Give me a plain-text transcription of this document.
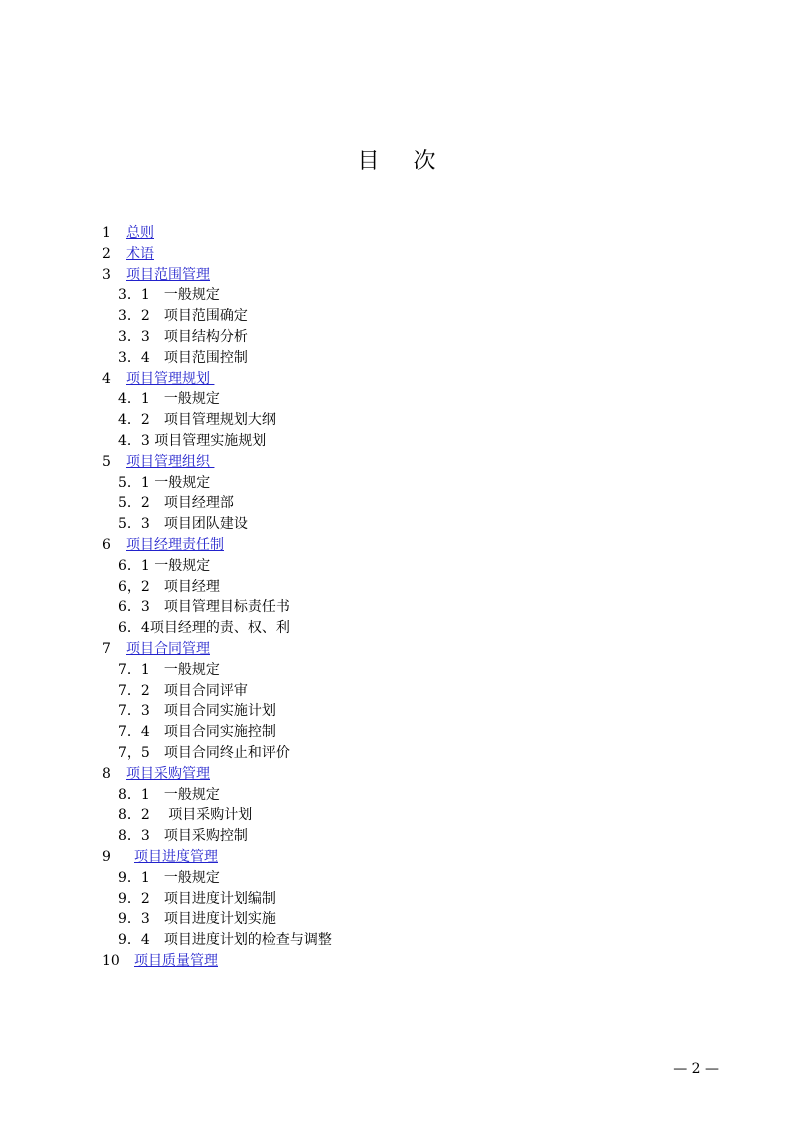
目 次
1 总则
2 术语
3 项目范围管理
3．1　 一般规定
3．2　 项目范围确定
3．3　 项目结构分析
3．4　 项目范围控制
4 项目管理规划
4．1　 一般规定
4．2　 项目管理规划大纲
4．3 项目管理实施规划
5 项目管理组织
5．1 一般规定
5．2　 项目经理部
5．3　 项目团队建设
6 项目经理责任制
6．1 一般规定
6，2　 项目经理
6．3　 项目管理目标责任书
6．4项目经理的责、权、利
7 项目合同管理
7．1　 一般规定
7．2　 项目合同评审
7．3　 项目合同实施计划
7．4　 项目合同实施控制
7，5　 项目合同终止和评价
8 项目采购管理
8．1　 一般规定
8．2　 项目采购计划
8．3　 项目采购控制
9 项目进度管理
9．1　 一般规定
9．2　 项目进度计划编制
9．3　 项目进度计划实施
9．4　 项目进度计划的检查与调整
10 项目质量管理
— 2 —
